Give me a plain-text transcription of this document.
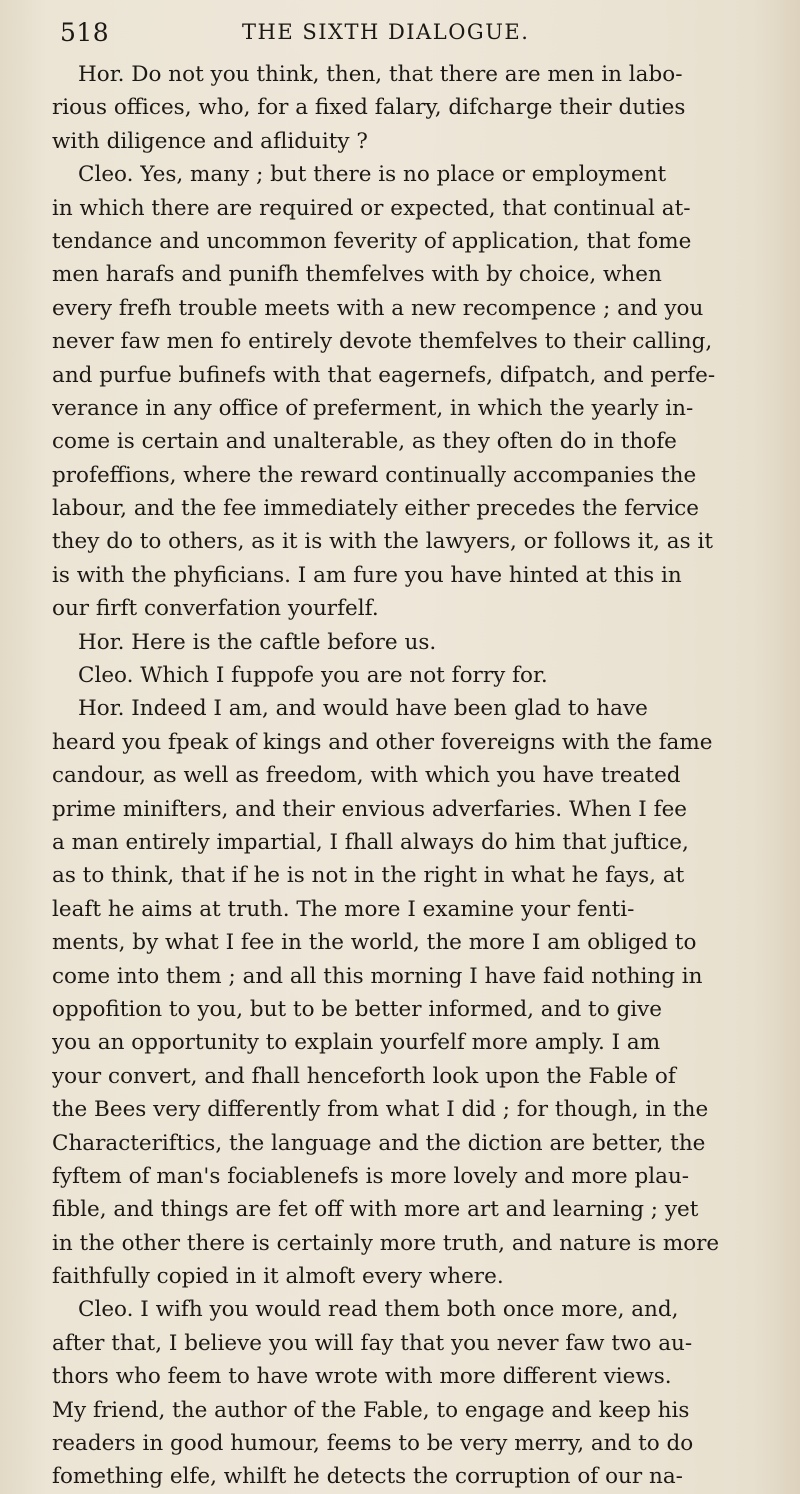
518	THE SIXTH DIALOGUE.
Hor. Do not you think, then, that there are men in labo-
rious offices, who, for a fixed falary, difcharge their duties
with diligence and afliduity ?
Cleo. Yes, many ; but there is no place or employment
in which there are required or expected, that continual at-
tendance and uncommon feverity of application, that fome
men harafs and punifh themfelves with by choice, when
every frefh trouble meets with a new recompence ; and you
never faw men fo entirely devote themfelves to their calling,
and purfue bufinefs with that eagernefs, difpatch, and perfe-
verance in any office of preferment, in which the yearly in-
come is certain and unalterable, as they often do in thofe
profeffions, where the reward continually accompanies the
labour, and the fee immediately either precedes the fervice
they do to others, as it is with the lawyers, or follows it, as it
is with the phyficians. I am fure you have hinted at this in
our firft converfation yourfelf.
Hor. Here is the caftle before us.
Cleo. Which I fuppofe you are not forry for.
Hor. Indeed I am, and would have been glad to have
heard you fpeak of kings and other fovereigns with the fame
candour, as well as freedom, with which you have treated
prime minifters, and their envious adverfaries. When I fee
a man entirely impartial, I fhall always do him that juftice,
as to think, that if he is not in the right in what he fays, at
leaft he aims at truth. The more I examine your fenti-
ments, by what I fee in the world, the more I am obliged to
come into them ; and all this morning I have faid nothing in
oppofition to you, but to be better informed, and to give
you an opportunity to explain yourfelf more amply. I am
your convert, and fhall henceforth look upon the Fable of
the Bees very differently from what I did ; for though, in the
Characteriftics, the language and the diction are better, the
fyftem of man's fociablenefs is more lovely and more plau-
fible, and things are fet off with more art and learning ; yet
in the other there is certainly more truth, and nature is more
faithfully copied in it almoft every where.
Cleo. I wifh you would read them both once more, and,
after that, I believe you will fay that you never faw two au-
thors who feem to have wrote with more different views.
My friend, the author of the Fable, to engage and keep his
readers in good humour, feems to be very merry, and to do
fomething elfe, whilft he detects the corruption of our na-
